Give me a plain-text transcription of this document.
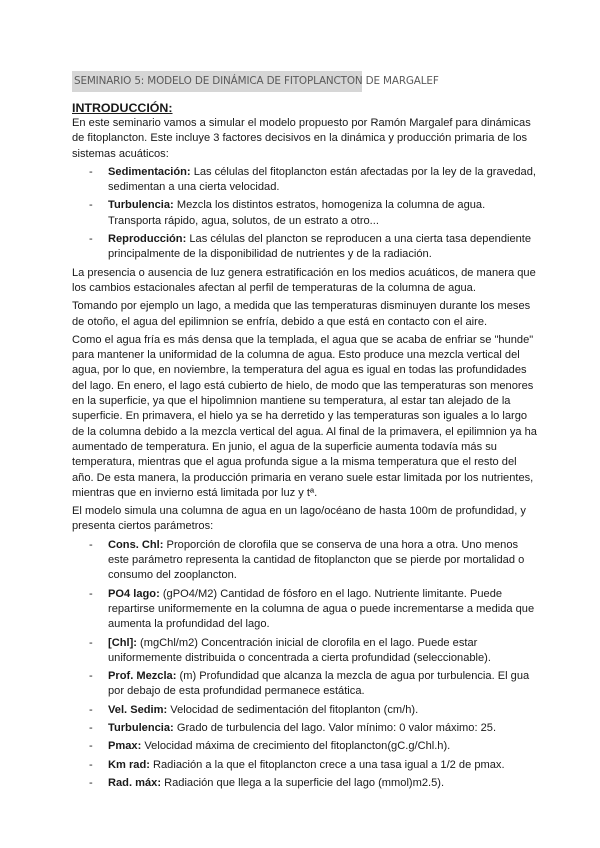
SEMINARIO 5: MODELO DE DINÁMICA DE FITOPLANCTON DE MARGALEF
INTRODUCCIÓN:

En este seminario vamos a simular el modelo propuesto por Ramón Margalef para dinámicas de fitoplancton. Este incluye 3 factores decisivos en la dinámica y producción primaria de los sistemas acuáticos:

- Sedimentación: Las células del fitoplancton están afectadas por la ley de la gravedad, sedimentan a una cierta velocidad.
- Turbulencia: Mezcla los distintos estratos, homogeniza la columna de agua. Transporta rápido, agua, solutos, de un estrato a otro...
- Reproducción: Las células del plancton se reproducen a una cierta tasa dependiente principalmente de la disponibilidad de nutrientes y de la radiación.

La presencia o ausencia de luz genera estratificación en los medios acuáticos, de manera que los cambios estacionales afectan al perfil de temperaturas de la columna de agua.

Tomando por ejemplo un lago, a medida que las temperaturas disminuyen durante los meses de otoño, el agua del epilimnion se enfría, debido a que está en contacto con el aire.

Como el agua fría es más densa que la templada, el agua que se acaba de enfriar se "hunde" para mantener la uniformidad de la columna de agua. Esto produce una mezcla vertical del agua, por lo que, en noviembre, la temperatura del agua es igual en todas las profundidades del lago. En enero, el lago está cubierto de hielo, de modo que las temperaturas son menores en la superficie, ya que el hipolimnion mantiene su temperatura, al estar tan alejado de la superficie. En primavera, el hielo ya se ha derretido y las temperaturas son iguales a lo largo de la columna debido a la mezcla vertical del agua. Al final de la primavera, el epilimnion ya ha aumentado de temperatura. En junio, el agua de la superficie aumenta todavía más su temperatura, mientras que el agua profunda sigue a la misma temperatura que el resto del año. De esta manera, la producción primaria en verano suele estar limitada por los nutrientes, mientras que en invierno está limitada por luz y tª.

El modelo simula una columna de agua en un lago/océano de hasta 100m de profundidad, y presenta ciertos parámetros:

- Cons. Chl: Proporción de clorofila que se conserva de una hora a otra. Uno menos este parámetro representa la cantidad de fitoplancton que se pierde por mortalidad o consumo del zooplancton.
- PO4 lago: (gPO4/M2) Cantidad de fósforo en el lago. Nutriente limitante. Puede repartirse uniformemente en la columna de agua o puede incrementarse a medida que aumenta la profundidad del lago.
- [Chl]: (mgChl/m2) Concentración inicial de clorofila en el lago. Puede estar uniformemente distribuida o concentrada a cierta profundidad (seleccionable).
- Prof. Mezcla: (m) Profundidad que alcanza la mezcla de agua por turbulencia. El gua por debajo de esta profundidad permanece estática.
- Vel. Sedim: Velocidad de sedimentación del fitoplanton (cm/h).
- Turbulencia: Grado de turbulencia del lago. Valor mínimo: 0 valor máximo: 25.
- Pmax: Velocidad máxima de crecimiento del fitoplancton(gC.g/Chl.h).
- Km rad: Radiación a la que el fitoplancton crece a una tasa igual a 1/2 de pmax.
- Rad. máx: Radiación que llega a la superficie del lago (mmol)m2.5).
